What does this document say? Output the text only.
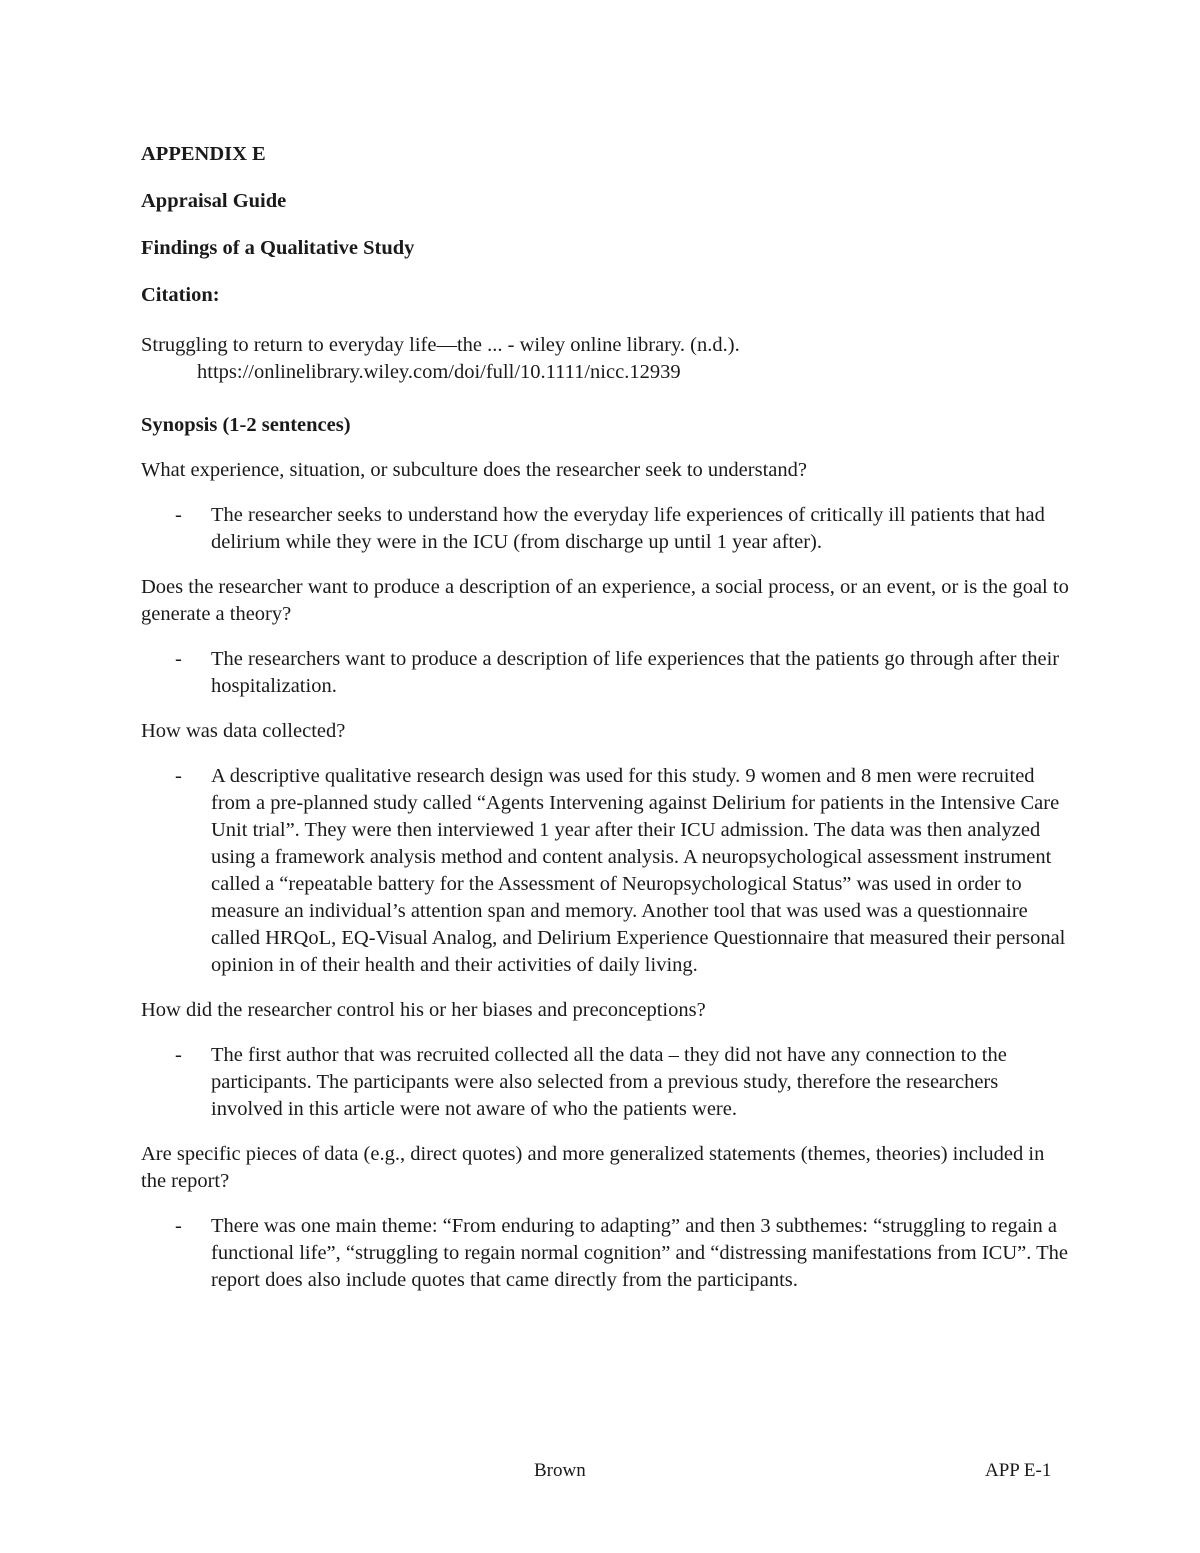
APPENDIX E
Appraisal Guide
Findings of a Qualitative Study
Citation:
Struggling to return to everyday life—the ... - wiley online library. (n.d.).
https://onlinelibrary.wiley.com/doi/full/10.1111/nicc.12939
Synopsis (1-2 sentences)
What experience, situation, or subculture does the researcher seek to understand?
- The researcher seeks to understand how the everyday life experiences of critically ill patients that had delirium while they were in the ICU (from discharge up until 1 year after).
Does the researcher want to produce a description of an experience, a social process, or an event, or is the goal to generate a theory?
- The researchers want to produce a description of life experiences that the patients go through after their hospitalization.
How was data collected?
- A descriptive qualitative research design was used for this study. 9 women and 8 men were recruited from a pre-planned study called “Agents Intervening against Delirium for patients in the Intensive Care Unit trial”. They were then interviewed 1 year after their ICU admission. The data was then analyzed using a framework analysis method and content analysis. A neuropsychological assessment instrument called a “repeatable battery for the Assessment of Neuropsychological Status” was used in order to measure an individual’s attention span and memory. Another tool that was used was a questionnaire called HRQoL, EQ-Visual Analog, and Delirium Experience Questionnaire that measured their personal opinion in of their health and their activities of daily living.
How did the researcher control his or her biases and preconceptions?
- The first author that was recruited collected all the data – they did not have any connection to the participants. The participants were also selected from a previous study, therefore the researchers involved in this article were not aware of who the patients were.
Are specific pieces of data (e.g., direct quotes) and more generalized statements (themes, theories) included in the report?
- There was one main theme: “From enduring to adapting” and then 3 subthemes: “struggling to regain a functional life”, “struggling to regain normal cognition” and “distressing manifestations from ICU”. The report does also include quotes that came directly from the participants.
Brown	APP E-1
